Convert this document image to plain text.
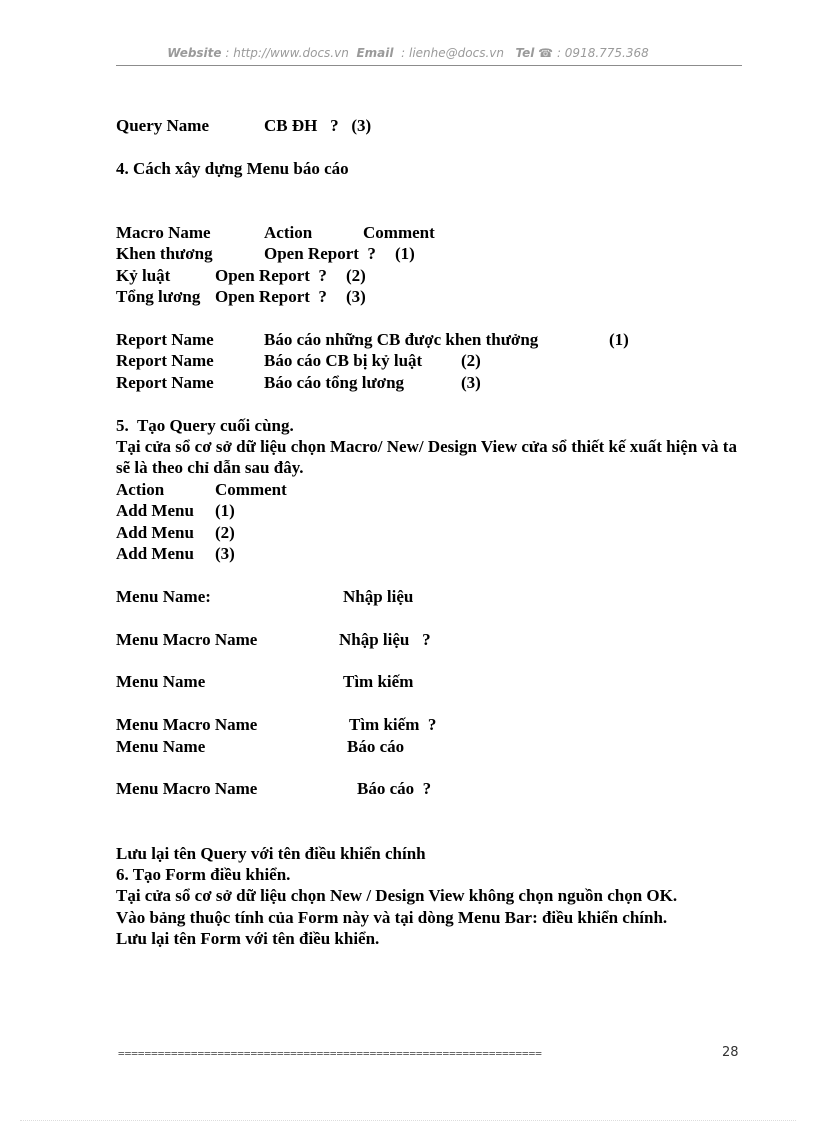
Website : http://www.docs.vn Email : lienhe@docs.vn Tel ☎ : 0918.775.368

Query Name	CB ĐH   ?   (3)

4. Cách xây dựng Menu báo cáo

Macro Name	Action	Comment

Khen thương	Open Report  ? (1)

Kỷ luật	Open Report  ? (2)

Tổng lương Open Report  ? (3)

Report Name	Báo cáo những CB được khen thưởng	(1)

Report Name	Báo cáo CB bị kỷ luật (2)

Report Name	Báo cáo tổng lương	(3)

5.  Tạo Query cuối cùng.

Tại cửa sổ cơ sở dữ liệu chọn Macro/ New/ Design View cửa sổ thiết kế xuất hiện và ta sẽ là theo chỉ dẫn sau đây.

Action	Comment

Add Menu (1)

Add Menu (2)

Add Menu (3)

Menu Name:	Nhập liệu

Menu Macro Name	Nhập liệu   ?

Menu Name	Tìm kiếm

Menu Macro Name	Tìm kiếm  ?

Menu Name	Báo cáo

Menu Macro Name	Báo cáo  ?

Lưu lại tên Query với tên điều khiển chính

6. Tạo Form điều khiển.

Tại cửa sổ cơ sở dữ liệu chọn New / Design View không chọn nguồn chọn OK.

Vào bảng thuộc tính của Form này và tại dòng Menu Bar: điều khiển chính.

Lưu lại tên Form với tên điều khiển.

================================================================	28
